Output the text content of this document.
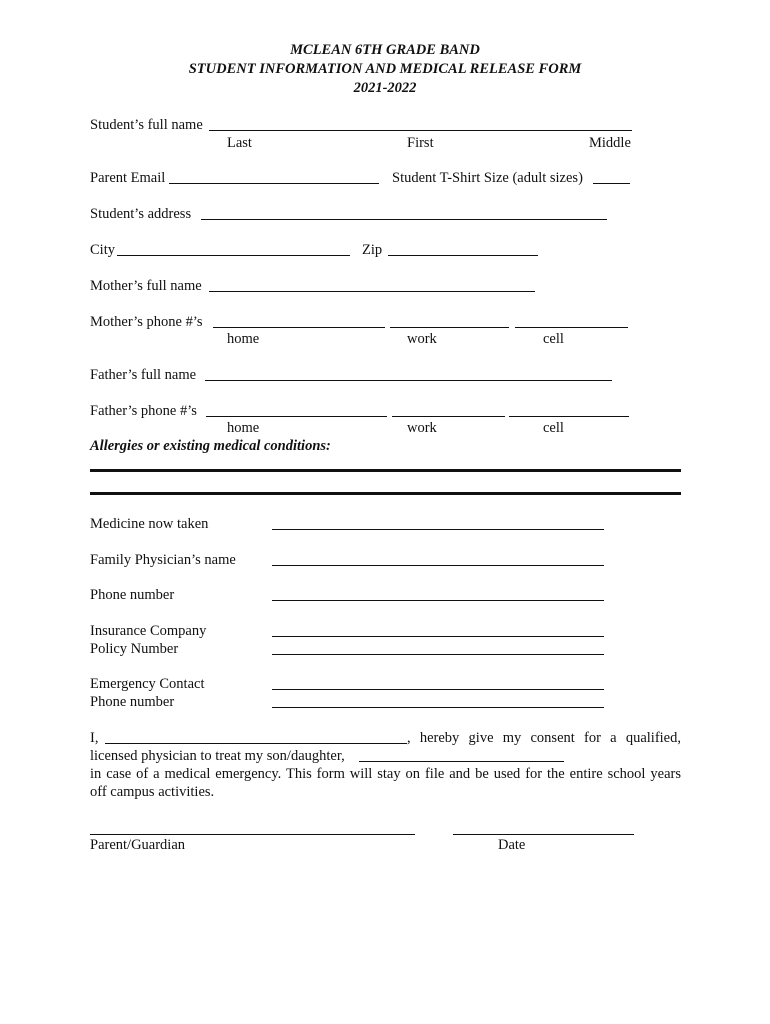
MCLEAN 6TH GRADE BAND
STUDENT INFORMATION AND MEDICAL RELEASE FORM
2021-2022
Student’s full name
Last	First	Middle
Parent Email	Student T-Shirt Size (adult sizes)
Student’s address
City	Zip
Mother’s full name
Mother’s phone #’s
home	work	cell
Father’s full name
Father’s phone #’s
home	work	cell
Allergies or existing medical conditions:
Medicine now taken
Family Physician’s name
Phone number
Insurance Company
Policy Number
Emergency Contact
Phone number
I,	, hereby give my consent for a qualified,
licensed physician to treat my son/daughter,
in case of a medical emergency. This form will stay on file and be used for the entire school years
off campus activities.
Parent/Guardian	Date
